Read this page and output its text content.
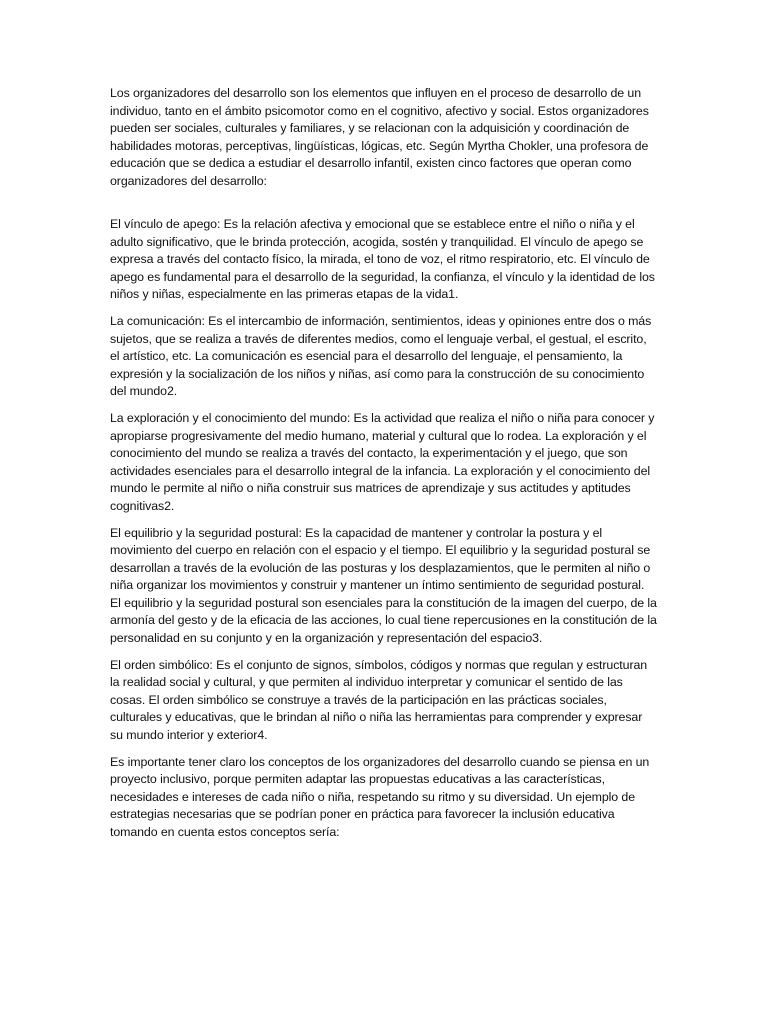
Los organizadores del desarrollo son los elementos que influyen en el proceso de desarrollo de un individuo, tanto en el ámbito psicomotor como en el cognitivo, afectivo y social. Estos organizadores pueden ser sociales, culturales y familiares, y se relacionan con la adquisición y coordinación de habilidades motoras, perceptivas, lingüísticas, lógicas, etc. Según Myrtha Chokler, una profesora de educación que se dedica a estudiar el desarrollo infantil, existen cinco factores que operan como organizadores del desarrollo:

El vínculo de apego: Es la relación afectiva y emocional que se establece entre el niño o niña y el adulto significativo, que le brinda protección, acogida, sostén y tranquilidad. El vínculo de apego se expresa a través del contacto físico, la mirada, el tono de voz, el ritmo respiratorio, etc. El vínculo de apego es fundamental para el desarrollo de la seguridad, la confianza, el vínculo y la identidad de los niños y niñas, especialmente en las primeras etapas de la vida1.

La comunicación: Es el intercambio de información, sentimientos, ideas y opiniones entre dos o más sujetos, que se realiza a través de diferentes medios, como el lenguaje verbal, el gestual, el escrito, el artístico, etc. La comunicación es esencial para el desarrollo del lenguaje, el pensamiento, la expresión y la socialización de los niños y niñas, así como para la construcción de su conocimiento del mundo2.

La exploración y el conocimiento del mundo: Es la actividad que realiza el niño o niña para conocer y apropiarse progresivamente del medio humano, material y cultural que lo rodea. La exploración y el conocimiento del mundo se realiza a través del contacto, la experimentación y el juego, que son actividades esenciales para el desarrollo integral de la infancia. La exploración y el conocimiento del mundo le permite al niño o niña construir sus matrices de aprendizaje y sus actitudes y aptitudes cognitivas2.

El equilibrio y la seguridad postural: Es la capacidad de mantener y controlar la postura y el movimiento del cuerpo en relación con el espacio y el tiempo. El equilibrio y la seguridad postural se desarrollan a través de la evolución de las posturas y los desplazamientos, que le permiten al niño o niña organizar los movimientos y construir y mantener un íntimo sentimiento de seguridad postural. El equilibrio y la seguridad postural son esenciales para la constitución de la imagen del cuerpo, de la armonía del gesto y de la eficacia de las acciones, lo cual tiene repercusiones en la constitución de la personalidad en su conjunto y en la organización y representación del espacio3.

El orden simbólico: Es el conjunto de signos, símbolos, códigos y normas que regulan y estructuran la realidad social y cultural, y que permiten al individuo interpretar y comunicar el sentido de las cosas. El orden simbólico se construye a través de la participación en las prácticas sociales, culturales y educativas, que le brindan al niño o niña las herramientas para comprender y expresar su mundo interior y exterior4.

Es importante tener claro los conceptos de los organizadores del desarrollo cuando se piensa en un proyecto inclusivo, porque permiten adaptar las propuestas educativas a las características, necesidades e intereses de cada niño o niña, respetando su ritmo y su diversidad. Un ejemplo de estrategias necesarias que se podrían poner en práctica para favorecer la inclusión educativa tomando en cuenta estos conceptos sería:
